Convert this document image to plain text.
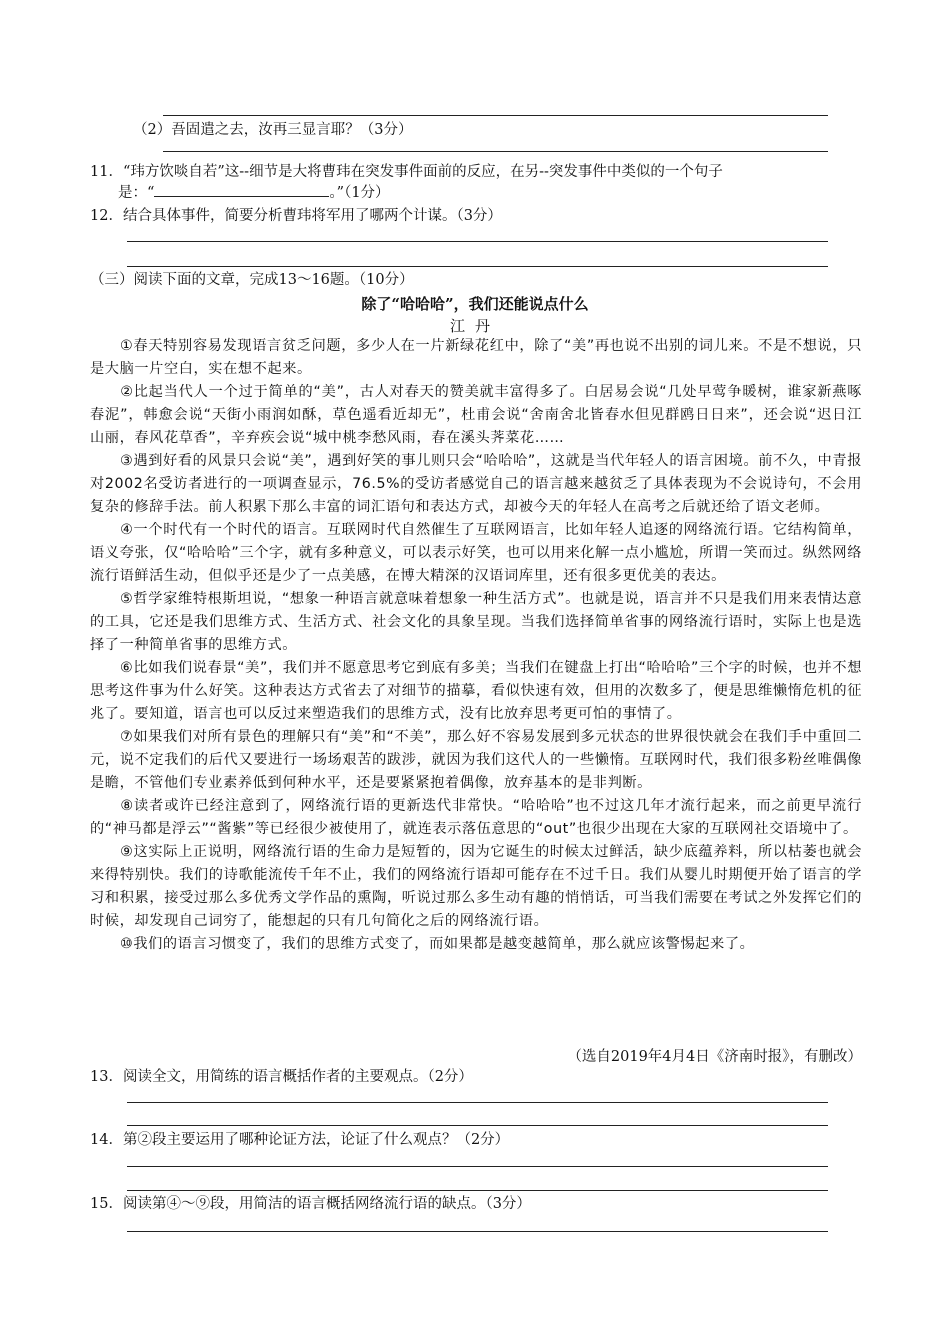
（2）吾固遣之去，汝再三显言耶？（3分）
11．“玮方饮啖自若”这--细节是大将曹玮在突发事件面前的反应，在另--突发事件中类似的一个句子
是：“	。”（1分）
12．结合具体事件，简要分析曹玮将军用了哪两个计谋。（3分）
（三）阅读下面的文章，完成13～16题。（10分）
除了“哈哈哈”，我们还能说点什么
江丹

①春天特别容易发现语言贫乏问题，多少人在一片新绿花红中，除了“美”再也说不出别的词儿来。不是不想说，只是大脑一片空白，实在想不起来。

②比起当代人一个过于简单的“美”，古人对春天的赞美就丰富得多了。白居易会说“几处早莺争暖树，谁家新燕啄春泥”，韩愈会说“天街小雨润如酥，草色遥看近却无”，杜甫会说“舍南舍北皆春水但见群鸥日日来”，还会说“迟日江山丽，春风花草香”，辛弃疾会说“城中桃李愁风雨，春在溪头荠菜花……

③遇到好看的风景只会说“美”，遇到好笑的事儿则只会“哈哈哈”，这就是当代年轻人的语言困境。前不久，中青报对2002名受访者进行的一项调查显示，76.5%的受访者感觉自己的语言越来越贫乏了具体表现为不会说诗句，不会用复杂的修辞手法。前人积累下那么丰富的词汇语句和表达方式，却被今天的年轻人在高考之后就还给了语文老师。

④一个时代有一个时代的语言。互联网时代自然催生了互联网语言，比如年轻人追逐的网络流行语。它结构简单，语义夸张，仅“哈哈哈”三个字，就有多种意义，可以表示好笑，也可以用来化解一点小尴尬，所谓一笑而过。纵然网络流行语鲜活生动，但似乎还是少了一点美感，在博大精深的汉语词库里，还有很多更优美的表达。

⑤哲学家维特根斯坦说，“想象一种语言就意味着想象一种生活方式”。也就是说，语言并不只是我们用来表情达意的工具，它还是我们思维方式、生活方式、社会文化的具象呈现。当我们选择简单省事的网络流行语时，实际上也是选择了一种简单省事的思维方式。

⑥比如我们说春景“美”，我们并不愿意思考它到底有多美；当我们在键盘上打出“哈哈哈”三个字的时候，也并不想思考这件事为什么好笑。这种表达方式省去了对细节的描摹，看似快速有效，但用的次数多了，便是思维懒惰危机的征兆了。要知道，语言也可以反过来塑造我们的思维方式，没有比放弃思考更可怕的事情了。

⑦如果我们对所有景色的理解只有“美”和“不美”，那么好不容易发展到多元状态的世界很快就会在我们手中重回二元，说不定我们的后代又要进行一场场艰苦的跋涉，就因为我们这代人的一些懒惰。互联网时代，我们很多粉丝唯偶像是瞻，不管他们专业素养低到何种水平，还是要紧紧抱着偶像，放弃基本的是非判断。

⑧读者或许已经注意到了，网络流行语的更新迭代非常快。“哈哈哈”也不过这几年才流行起来，而之前更早流行的“神马都是浮云”“酱紫”等已经很少被使用了，就连表示落伍意思的“out”也很少出现在大家的互联网社交语境中了。

⑨这实际上正说明，网络流行语的生命力是短暂的，因为它诞生的时候太过鲜活，缺少底蕴养料，所以枯萎也就会来得特别快。我们的诗歌能流传千年不止，我们的网络流行语却可能存在不过千日。我们从婴儿时期便开始了语言的学习和积累，接受过那么多优秀文学作品的熏陶，听说过那么多生动有趣的悄悄话，可当我们需要在考试之外发挥它们的时候，却发现自己词穷了，能想起的只有几句简化之后的网络流行语。

⑩我们的语言习惯变了，我们的思维方式变了，而如果都是越变越简单，那么就应该警惕起来了。

（选自2019年4月4日《济南时报》，有删改）
13．阅读全文，用简练的语言概括作者的主要观点。（2分）
14．第②段主要运用了哪种论证方法，论证了什么观点？（2分）
15．阅读第④～⑨段，用简洁的语言概括网络流行语的缺点。（3分）
